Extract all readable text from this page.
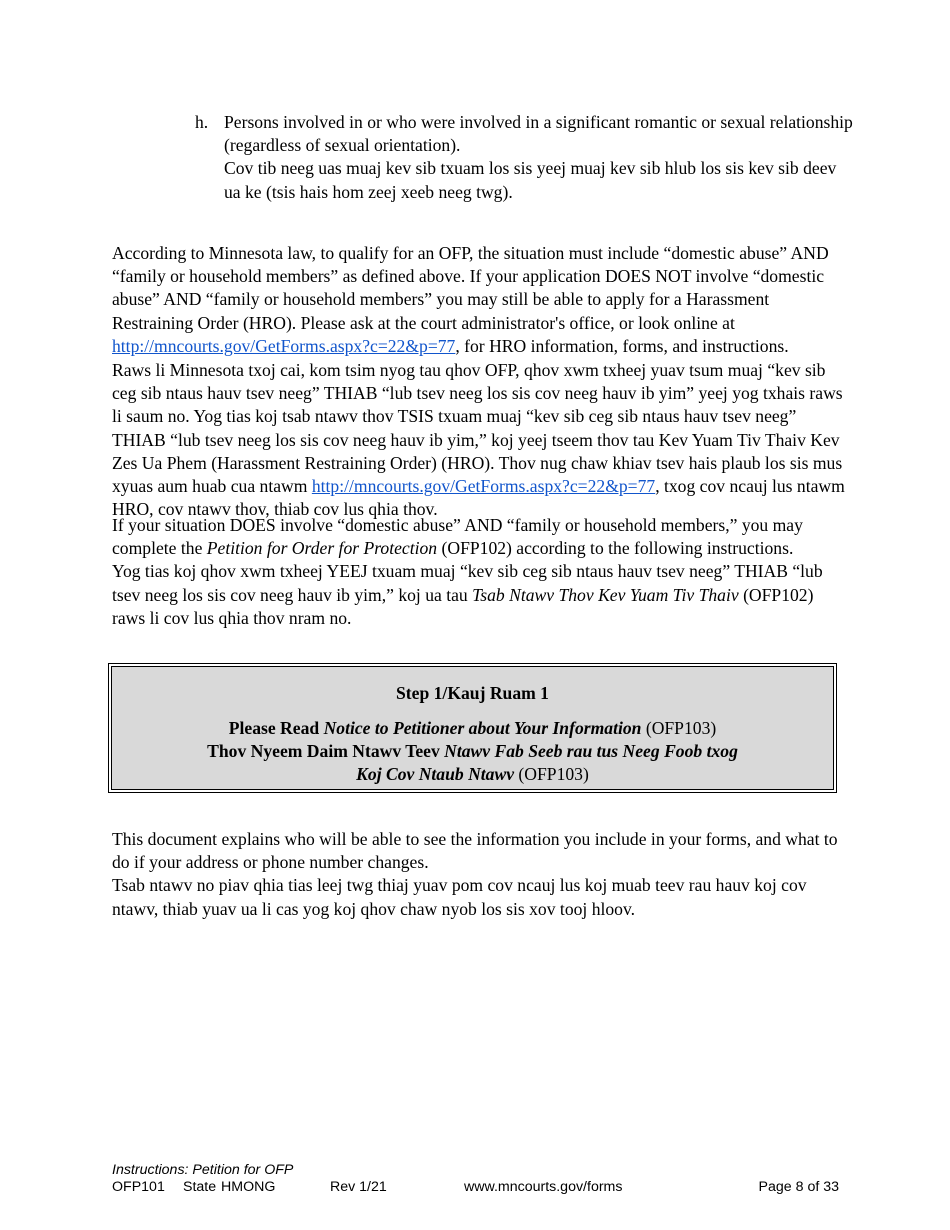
h. Persons involved in or who were involved in a significant romantic or sexual relationship (regardless of sexual orientation).
Cov tib neeg uas muaj kev sib txuam los sis yeej muaj kev sib hlub los sis kev sib deev ua ke (tsis hais hom zeej xeeb neeg twg).

According to Minnesota law, to qualify for an OFP, the situation must include “domestic abuse” AND “family or household members” as defined above. If your application DOES NOT involve “domestic abuse” AND “family or household members” you may still be able to apply for a Harassment Restraining Order (HRO). Please ask at the court administrator's office, or look online at http://mncourts.gov/GetForms.aspx?c=22&p=77, for HRO information, forms, and instructions.

Raws li Minnesota txoj cai, kom tsim nyog tau qhov OFP, qhov xwm txheej yuav tsum muaj “kev sib ceg sib ntaus hauv tsev neeg” THIAB “lub tsev neeg los sis cov neeg hauv ib yim” yeej yog txhais raws li saum no. Yog tias koj tsab ntawv thov TSIS txuam muaj “kev sib ceg sib ntaus hauv tsev neeg” THIAB “lub tsev neeg los sis cov neeg hauv ib yim,” koj yeej tseem thov tau Kev Yuam Tiv Thaiv Kev Zes Ua Phem (Harassment Restraining Order) (HRO). Thov nug chaw khiav tsev hais plaub los sis mus xyuas aum huab cua ntawm http://mncourts.gov/GetForms.aspx?c=22&p=77, txog cov ncauj lus ntawm HRO, cov ntawv thov, thiab cov lus qhia thov.

If your situation DOES involve “domestic abuse” AND “family or household members,” you may complete the Petition for Order for Protection (OFP102) according to the following instructions.

Yog tias koj qhov xwm txheej YEEJ txuam muaj “kev sib ceg sib ntaus hauv tsev neeg” THIAB “lub tsev neeg los sis cov neeg hauv ib yim,” koj ua tau Tsab Ntawv Thov Kev Yuam Tiv Thaiv (OFP102) raws li cov lus qhia thov nram no.

Step 1/Kauj Ruam 1
Please Read Notice to Petitioner about Your Information (OFP103)
Thov Nyeem Daim Ntawv Teev Ntawv Fab Seeb rau tus Neeg Foob txog
Koj Cov Ntaub Ntawv (OFP103)

This document explains who will be able to see the information you include in your forms, and what to do if your address or phone number changes.

Tsab ntawv no piav qhia tias leej twg thiaj yuav pom cov ncauj lus koj muab teev rau hauv koj cov ntawv, thiab yuav ua li cas yog koj qhov chaw nyob los sis xov tooj hloov.

Instructions: Petition for OFP
OFP101 State HMONG	Rev 1/21	www.mncourts.gov/forms	Page 8 of 33
